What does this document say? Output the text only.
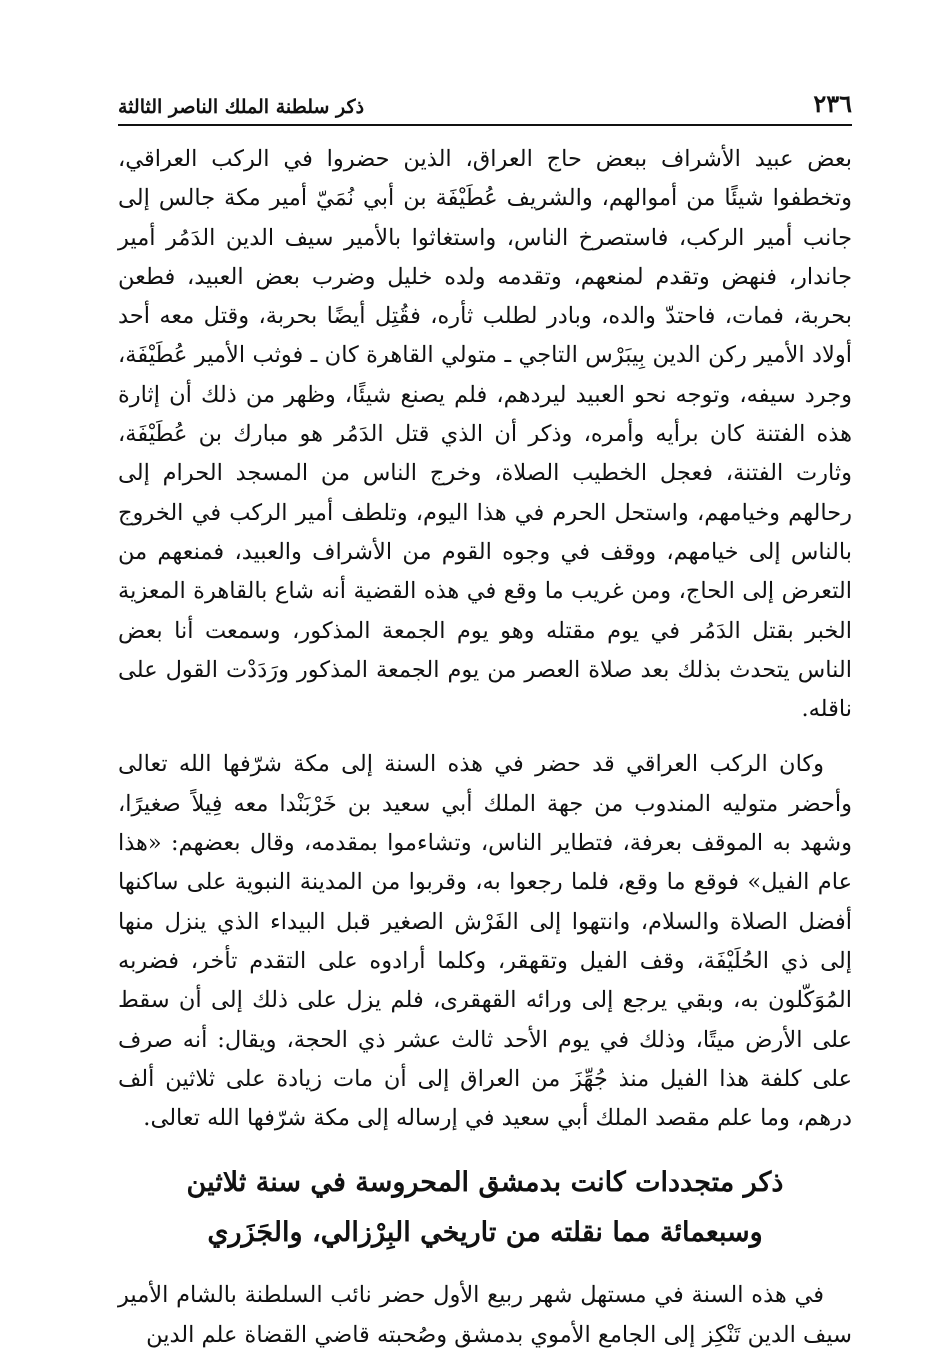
٢٣٦
ذكر سلطنة الملك الناصر الثالثة

بعض عبيد الأشراف ببعض حاج العراق، الذين حضروا في الركب العراقي، وتخطفوا شيئًا من أموالهم، والشريف عُطَيْفَة بن أبي نُمَيّ أمير مكة جالس إلى جانب أمير الركب، فاستصرخ الناس، واستغاثوا بالأمير سيف الدين الدَمُر أمير جاندار، فنهض وتقدم لمنعهم، وتقدمه ولده خليل وضرب بعض العبيد، فطعن بحربة، فمات، فاحتدّ والده، وبادر لطلب ثأره، فقُتِل أيضًا بحربة، وقتل معه أحد أولاد الأمير ركن الدين بِيبَرْس التاجي ـ متولي القاهرة كان ـ فوثب الأمير عُطَيْفَة، وجرد سيفه، وتوجه نحو العبيد ليردهم، فلم يصنع شيئًا، وظهر من ذلك أن إثارة هذه الفتنة كان برأيه وأمره، وذكر أن الذي قتل الدَمُر هو مبارك بن عُطَيْفَة، وثارت الفتنة، فعجل الخطيب الصلاة، وخرج الناس من المسجد الحرام إلى رحالهم وخيامهم، واستحل الحرم في هذا اليوم، وتلطف أمير الركب في الخروج بالناس إلى خيامهم، ووقف في وجوه القوم من الأشراف والعبيد، فمنعهم من التعرض إلى الحاج، ومن غريب ما وقع في هذه القضية أنه شاع بالقاهرة المعزية الخبر بقتل الدَمُر في يوم مقتله وهو يوم الجمعة المذكور، وسمعت أنا بعض الناس يتحدث بذلك بعد صلاة العصر من يوم الجمعة المذكور ورَدَدْت القول على ناقله.

وكان الركب العراقي قد حضر في هذه السنة إلى مكة شرّفها الله تعالى وأحضر متوليه المندوب من جهة الملك أبي سعيد بن خَرْبَنْدا معه فِيلاً صغيرًا، وشهد به الموقف بعرفة، فتطاير الناس، وتشاءموا بمقدمه، وقال بعضهم: «هذا عام الفيل» فوقع ما وقع، فلما رجعوا به، وقربوا من المدينة النبوية على ساكنها أفضل الصلاة والسلام، وانتهوا إلى الفَرْش الصغير قبل البيداء الذي ينزل منها إلى ذي الحُلَيْفَة، وقف الفيل وتقهقر، وكلما أرادوه على التقدم تأخر، فضربه المُوَكّلون به، وبقي يرجع إلى ورائه القهقرى، فلم يزل على ذلك إلى أن سقط على الأرض ميتًا، وذلك في يوم الأحد ثالث عشر ذي الحجة، ويقال: أنه صرف على كلفة هذا الفيل منذ جُهِّزَ من العراق إلى أن مات زيادة على ثلاثين ألف درهم، وما علم مقصد الملك أبي سعيد في إرساله إلى مكة شرّفها الله تعالى.

ذكر متجددات كانت بدمشق المحروسة في سنة ثلاثين
وسبعمائة مما نقلته من تاريخي البِرْزالي، والجَزَري

في هذه السنة في مستهل شهر ربيع الأول حضر نائب السلطنة بالشام الأمير سيف الدين تَنْكِز إلى الجامع الأموي بدمشق وصُحبته قاضي القضاة علم الدين
